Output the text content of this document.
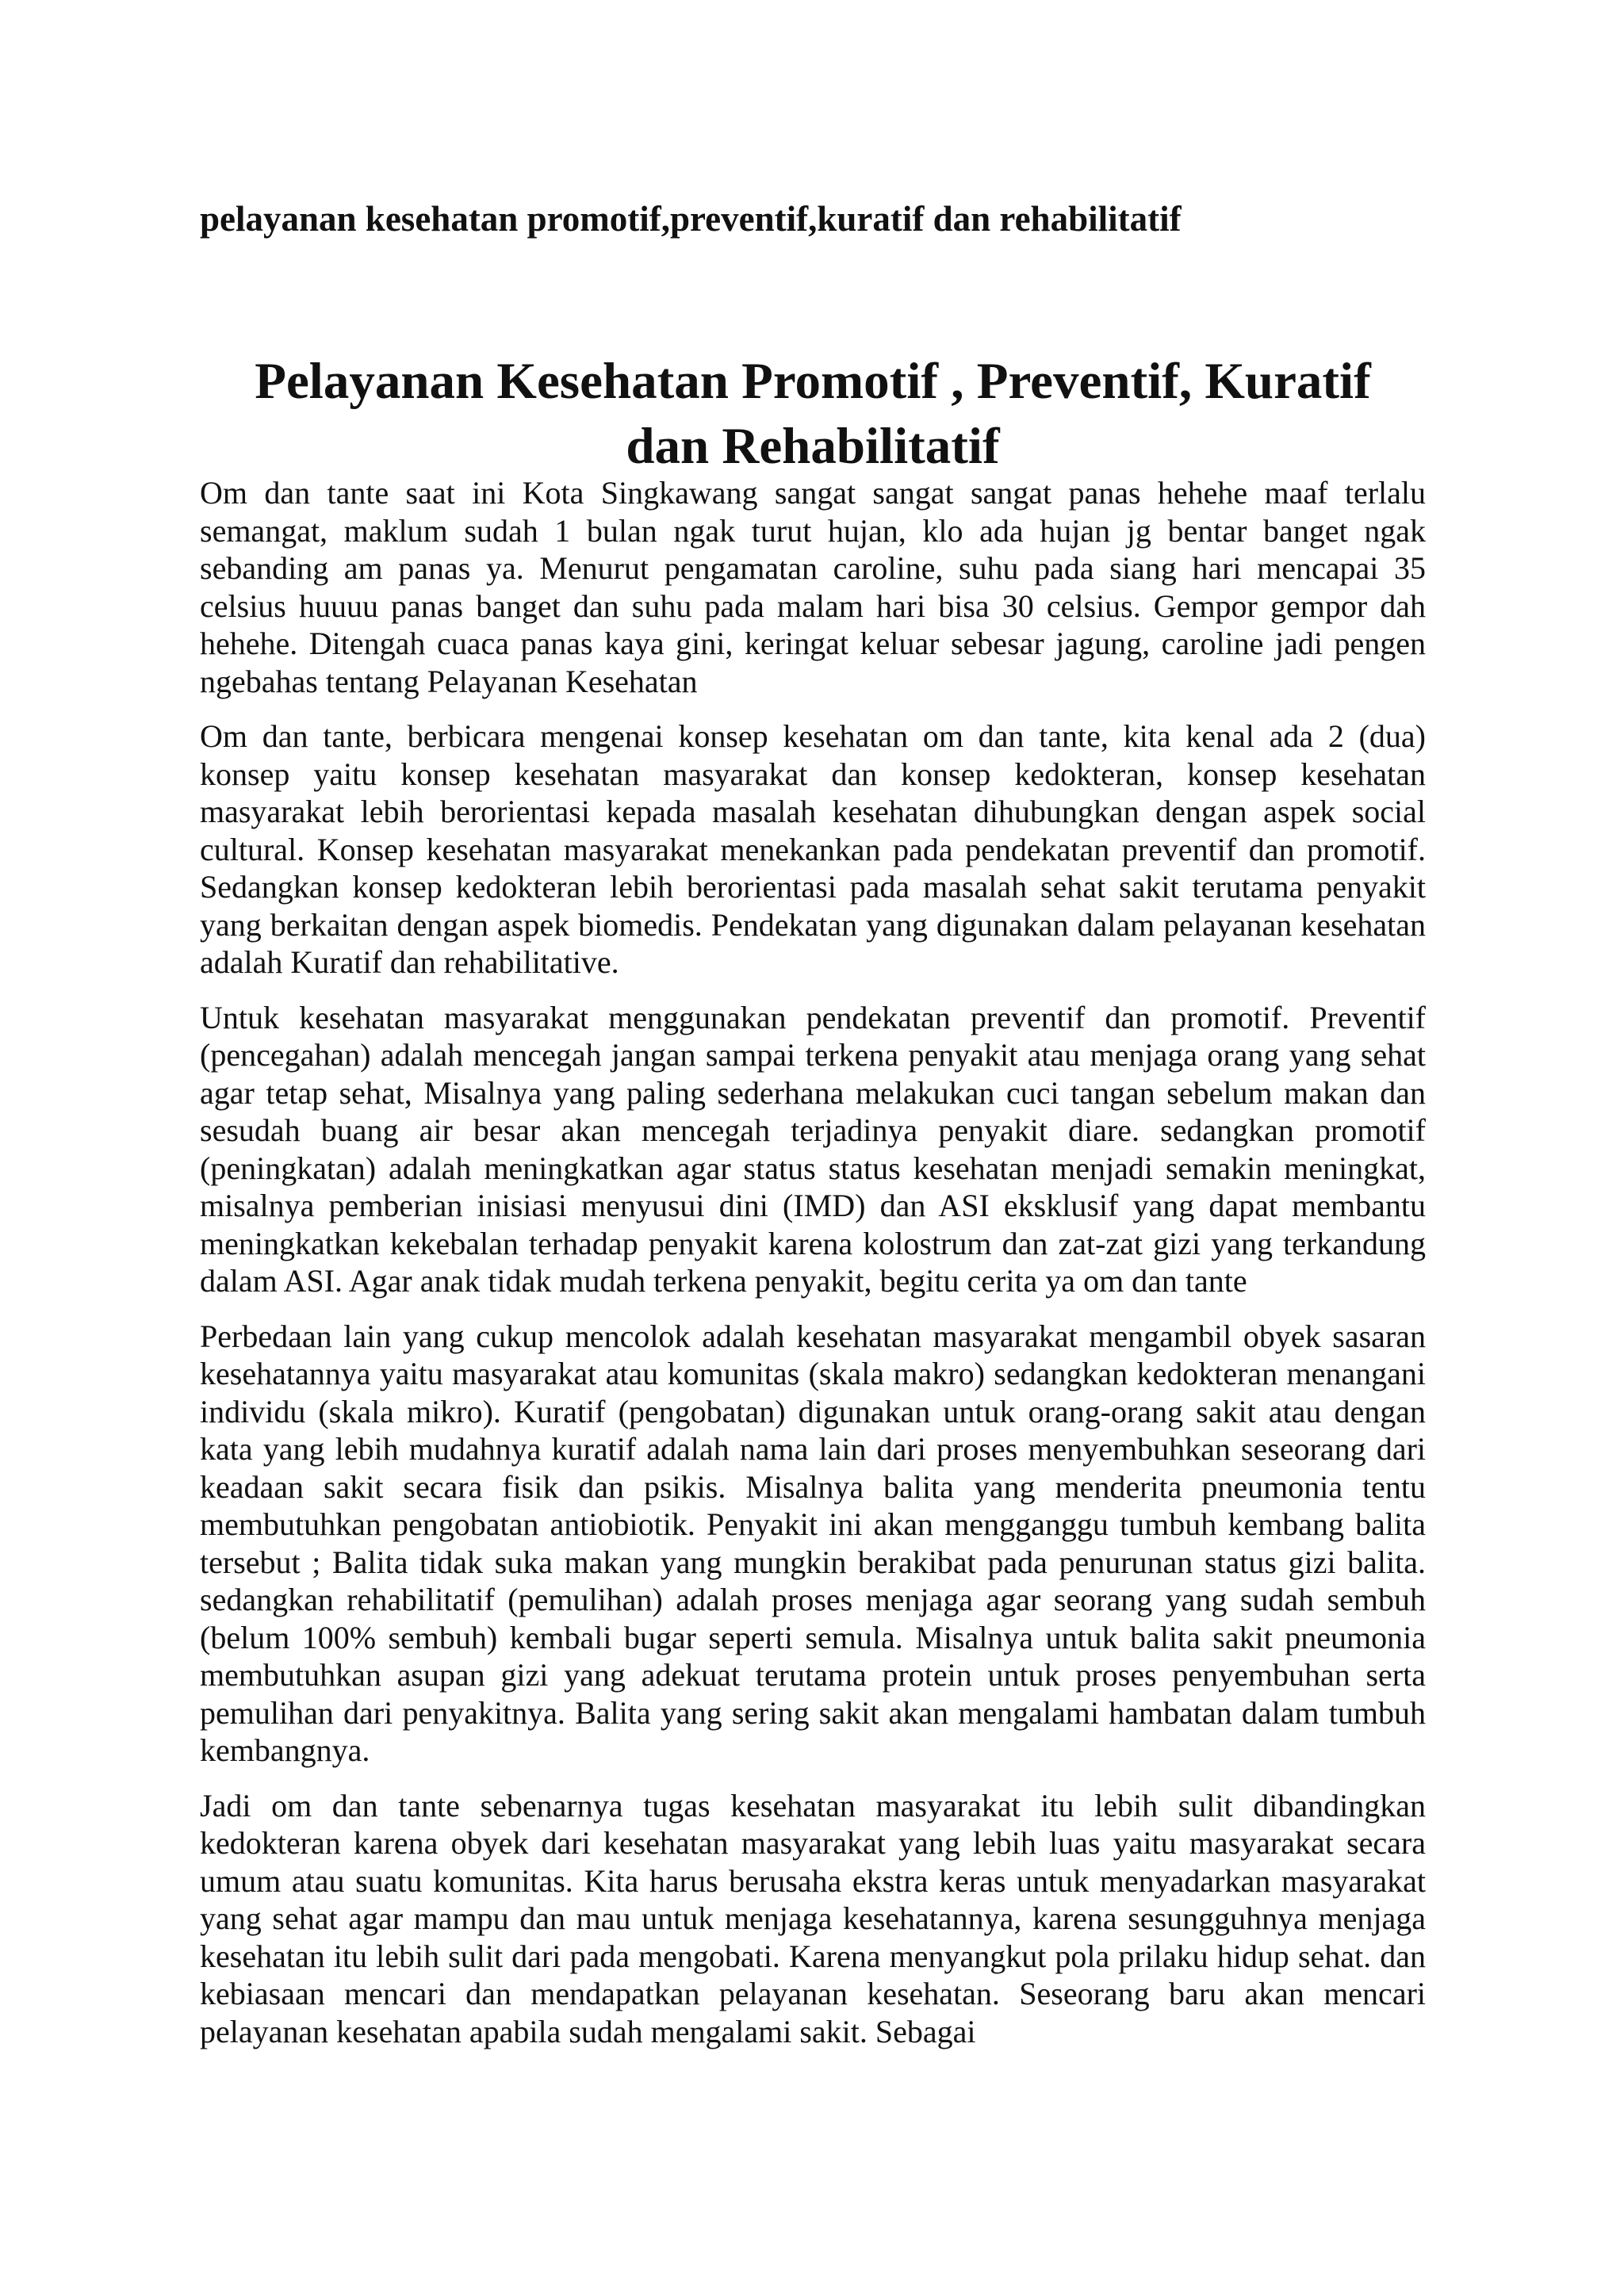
pelayanan kesehatan promotif,preventif,kuratif dan rehabilitatif
Pelayanan Kesehatan Promotif , Preventif, Kuratif
dan Rehabilitatif

Om dan tante saat ini Kota Singkawang sangat sangat sangat panas hehehe maaf terlalu semangat, maklum sudah 1 bulan ngak turut hujan, klo ada hujan jg bentar banget ngak sebanding am panas ya. Menurut pengamatan caroline, suhu pada siang hari mencapai 35 celsius huuuu panas banget dan suhu pada malam hari bisa 30 celsius. Gempor gempor dah hehehe. Ditengah cuaca panas kaya gini, keringat keluar sebesar jagung, caroline jadi pengen ngebahas tentang Pelayanan Kesehatan

Om dan tante, berbicara mengenai konsep kesehatan om dan tante, kita kenal ada 2 (dua) konsep yaitu konsep kesehatan masyarakat dan konsep kedokteran, konsep kesehatan masyarakat lebih berorientasi kepada masalah kesehatan dihubungkan dengan aspek social cultural. Konsep kesehatan masyarakat menekankan pada pendekatan preventif dan promotif. Sedangkan konsep kedokteran lebih berorientasi pada masalah sehat sakit terutama penyakit yang berkaitan dengan aspek biomedis. Pendekatan yang digunakan dalam pelayanan kesehatan adalah Kuratif dan rehabilitative.

Untuk kesehatan masyarakat menggunakan pendekatan preventif dan promotif. Preventif (pencegahan) adalah mencegah jangan sampai terkena penyakit atau menjaga orang yang sehat agar tetap sehat, Misalnya yang paling sederhana melakukan cuci tangan sebelum makan dan sesudah buang air besar akan mencegah terjadinya penyakit diare. sedangkan promotif (peningkatan) adalah meningkatkan agar status status kesehatan menjadi semakin meningkat, misalnya pemberian inisiasi menyusui dini (IMD) dan ASI eksklusif yang dapat membantu meningkatkan kekebalan terhadap penyakit karena kolostrum dan zat-zat gizi yang terkandung dalam ASI. Agar anak tidak mudah terkena penyakit, begitu cerita ya om dan tante

Perbedaan lain yang cukup mencolok adalah kesehatan masyarakat mengambil obyek sasaran kesehatannya yaitu masyarakat atau komunitas (skala makro) sedangkan kedokteran menangani individu (skala mikro). Kuratif (pengobatan) digunakan untuk orang-orang sakit atau dengan kata yang lebih mudahnya kuratif adalah nama lain dari proses menyembuhkan seseorang dari keadaan sakit secara fisik dan psikis. Misalnya balita yang menderita pneumonia tentu membutuhkan pengobatan antiobiotik. Penyakit ini akan mengganggu tumbuh kembang balita tersebut ; Balita tidak suka makan yang mungkin berakibat pada penurunan status gizi balita. sedangkan rehabilitatif (pemulihan) adalah proses menjaga agar seorang yang sudah sembuh (belum 100% sembuh) kembali bugar seperti semula. Misalnya untuk balita sakit pneumonia membutuhkan asupan gizi yang adekuat terutama protein untuk proses penyembuhan serta pemulihan dari penyakitnya. Balita yang sering sakit akan mengalami hambatan dalam tumbuh kembangnya.

Jadi om dan tante sebenarnya tugas kesehatan masyarakat itu lebih sulit dibandingkan kedokteran karena obyek dari kesehatan masyarakat yang lebih luas yaitu masyarakat secara umum atau suatu komunitas. Kita harus berusaha ekstra keras untuk menyadarkan masyarakat yang sehat agar mampu dan mau untuk menjaga kesehatannya, karena sesungguhnya menjaga kesehatan itu lebih sulit dari pada mengobati. Karena menyangkut pola prilaku hidup sehat. dan kebiasaan mencari dan mendapatkan pelayanan kesehatan. Seseorang baru akan mencari pelayanan kesehatan apabila sudah mengalami sakit. Sebagai
